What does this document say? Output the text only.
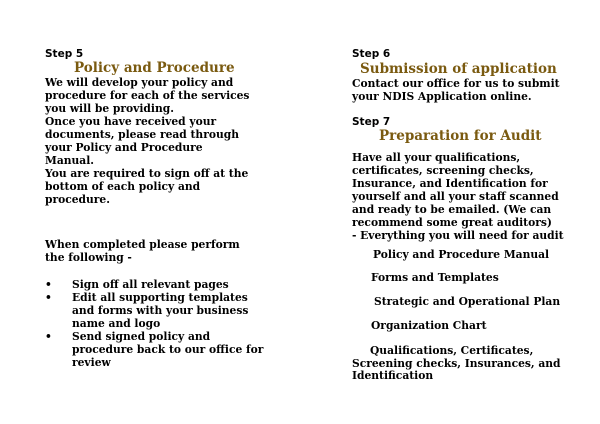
Step 5
Policy and Procedure

We will develop your policy and

procedure for each of the services

you will be providing.

Once you have received your

documents, please read through

your Policy and Procedure

Manual.

You are required to sign off at the

bottom of each policy and

procedure.

When completed please perform

the following -

•Sign off all relevant pages
•Edit all supporting templates
and forms with your business
name and logo
•Send signed policy and
procedure back to our office for
review
Step 6
Submission of application

Contact our office for us to submit

your NDIS Application online.

Step 7
Preparation for Audit

Have all your qualifications,

certificates, screening checks,

Insurance, and Identification for

yourself and all your staff scanned

and ready to be emailed. (We can

recommend some great auditors)

- Everything you will need for audit

Policy and Procedure Manual
Forms and Templates
Strategic and Operational Plan
Organization Chart
Qualifications, Certificates,
Screening checks, Insurances, and
Identification
